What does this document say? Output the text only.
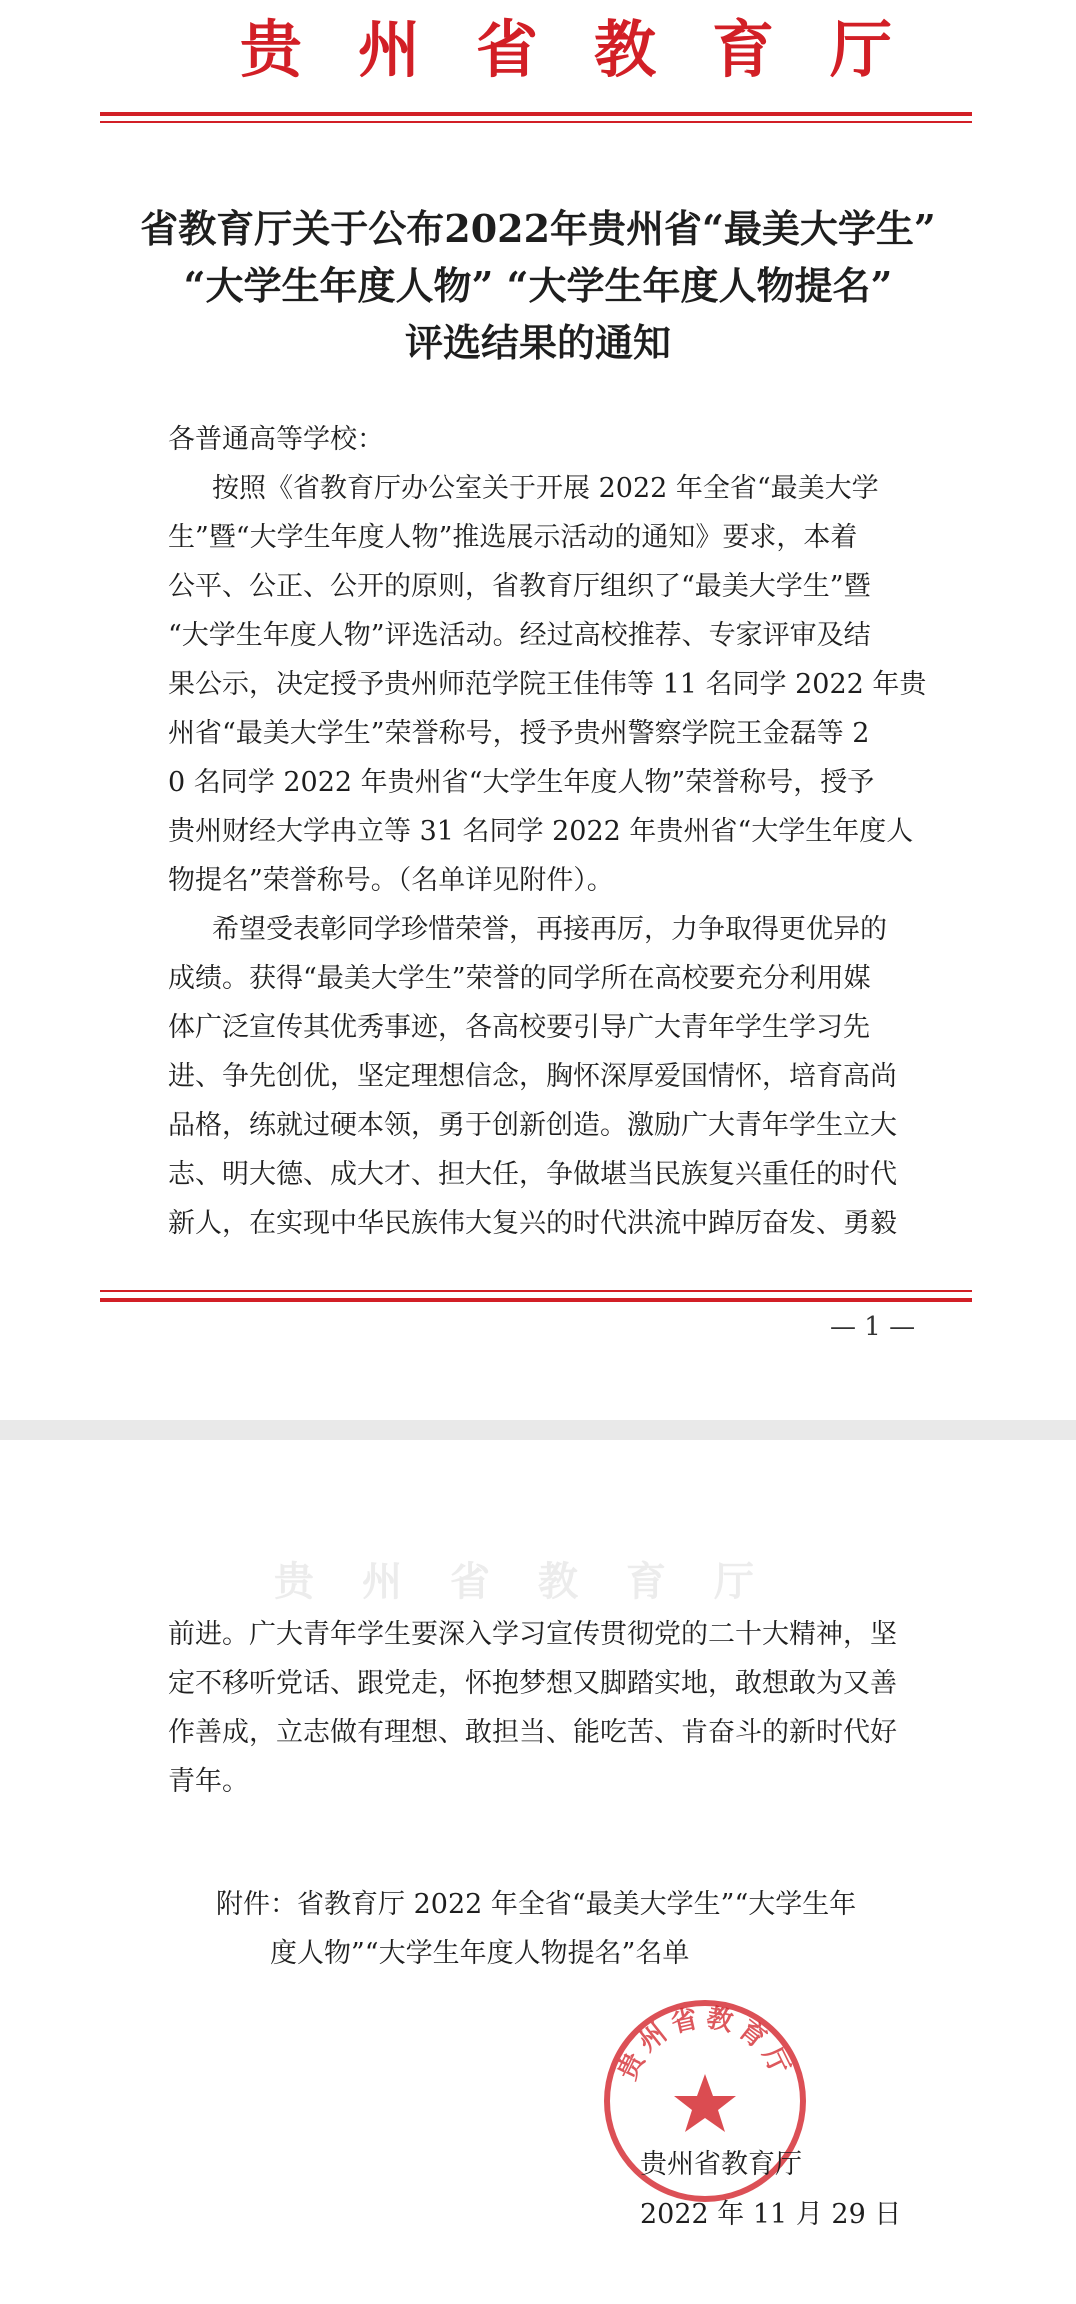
贵州省教育厅
省教育厅关于公布2022年贵州省“最美大学生”
“大学生年度人物” “大学生年度人物提名”
评选结果的通知
各普通高等学校：

按照《省教育厅办公室关于开展 2022 年全省“最美大学

生”暨“大学生年度人物”推选展示活动的通知》要求，本着

公平、公正、公开的原则，省教育厅组织了“最美大学生”暨

“大学生年度人物”评选活动。经过高校推荐、专家评审及结

果公示，决定授予贵州师范学院王佳伟等 11 名同学 2022 年贵

州省“最美大学生”荣誉称号，授予贵州警察学院王金磊等 2

0 名同学 2022 年贵州省“大学生年度人物”荣誉称号，授予

贵州财经大学冉立等 31 名同学 2022 年贵州省“大学生年度人

物提名”荣誉称号。（名单详见附件）。

希望受表彰同学珍惜荣誉，再接再厉，力争取得更优异的

成绩。获得“最美大学生”荣誉的同学所在高校要充分利用媒

体广泛宣传其优秀事迹，各高校要引导广大青年学生学习先

进、争先创优，坚定理想信念，胸怀深厚爱国情怀，培育高尚

品格，练就过硬本领，勇于创新创造。激励广大青年学生立大

志、明大德、成大才、担大任，争做堪当民族复兴重任的时代

新人，在实现中华民族伟大复兴的时代洪流中踔厉奋发、勇毅

— 1 —
贵州省教育厅

前进。广大青年学生要深入学习宣传贯彻党的二十大精神，坚

定不移听党话、跟党走，怀抱梦想又脚踏实地，敢想敢为又善

作善成，立志做有理想、敢担当、能吃苦、肯奋斗的新时代好

青年。

附件：省教育厅 2022 年全省“最美大学生”“大学生年
度人物”“大学生年度人物提名”名单
贵州省教育厅
贵州省教育厅
2022 年 11 月 29 日
